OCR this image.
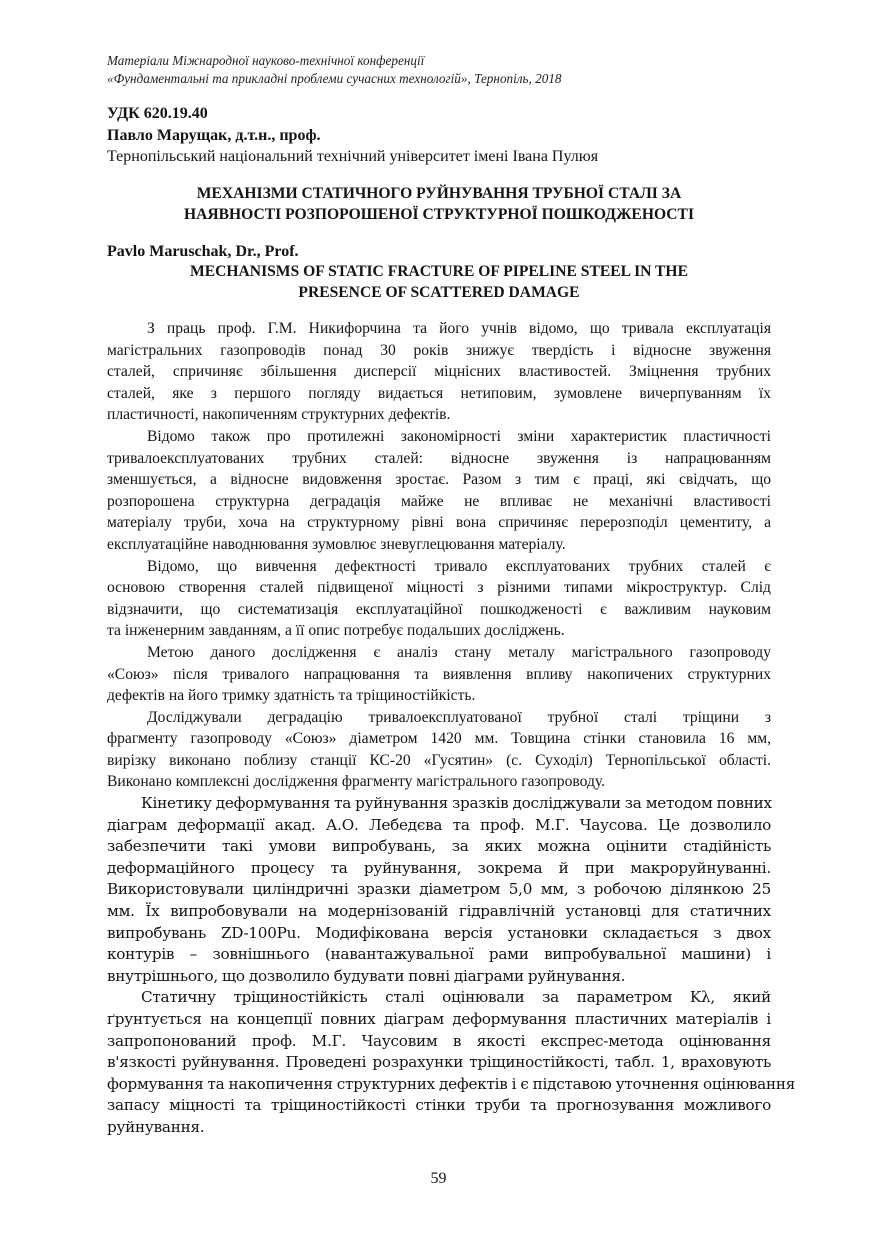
Матеріали Міжнародної науково-технічної конференції
«Фундаментальні та прикладні проблеми сучасних технологій», Тернопіль, 2018
УДК 620.19.40
Павло Марущак, д.т.н., проф.
Тернопільський національний технічний університет імені Івана Пулюя
МЕХАНІЗМИ СТАТИЧНОГО РУЙНУВАННЯ ТРУБНОЇ СТАЛІ ЗА
НАЯВНОСТІ РОЗПОРОШЕНОЇ СТРУКТУРНОЇ ПОШКОДЖЕНОСТІ
Pavlo Maruschak, Dr., Prof.
MECHANISMS OF STATIC FRACTURE OF PIPELINE STEEL IN THE
PRESENCE OF SCATTERED DAMAGE
З праць проф. Г.М. Никифорчина та його учнів відомо, що тривала експлуатація
магістральних газопроводів понад 30 років знижує твердість і відносне звуження
сталей, спричиняє збільшення дисперсії міцнісних властивостей. Зміцнення трубних
сталей, яке з першого погляду видається нетиповим, зумовлене вичерпуванням їх
пластичності, накопиченням структурних дефектів.
Відомо також про протилежні закономірності зміни характеристик пластичності
тривалоексплуатованих трубних сталей: відносне звуження із напрацюванням
зменшується, а відносне видовження зростає. Разом з тим є праці, які свідчать, що
розпорошена структурна деградація майже не впливає не механічні властивості
матеріалу труби, хоча на структурному рівні вона спричиняє перерозподіл цементиту, а
експлуатаційне наводнювання зумовлює зневуглецювання матеріалу.
Відомо, що вивчення дефектності тривало експлуатованих трубних сталей є
основою створення сталей підвищеної міцності з різними типами мікроструктур. Слід
відзначити, що систематизація експлуатаційної пошкодженості є важливим науковим
та інженерним завданням, а її опис потребує подальших досліджень.
Метою даного дослідження є аналіз стану металу магістрального газопроводу
«Союз» після тривалого напрацювання та виявлення впливу накопичених структурних
дефектів на його тримку здатність та тріщиностійкість.
Досліджували деградацію тривалоексплуатованої трубної сталі тріщини з
фрагменту газопроводу «Союз» діаметром 1420 мм. Товщина стінки становила 16 мм,
вирізку виконано поблизу станції КС-20 «Гусятин» (с. Суходіл) Тернопільської області.
Виконано комплексні дослідження фрагменту магістрального газопроводу.
Кінетику деформування та руйнування зразків досліджували за методом повних
діаграм деформації акад. А.О. Лебедєва та проф. М.Г. Чаусова. Це дозволило
забезпечити такі умови випробувань, за яких можна оцінити стадійність
деформаційного процесу та руйнування, зокрема й при макроруйнуванні.
Використовували циліндричні зразки діаметром 5,0 мм, з робочою ділянкою 25
мм. Їх випробовували на модернізованій гідравлічній установці для статичних
випробувань ZD-100Pu. Модифікована версія установки складається з двох
контурів – зовнішнього (навантажувальної рами випробувальної машини) і
внутрішнього, що дозволило будувати повні діаграми руйнування.
Статичну тріщиностійкість сталі оцінювали за параметром Kλ, який
ґрунтується на концепції повних діаграм деформування пластичних матеріалів і
запропонований проф. М.Г. Чаусовим в якості експрес-метода оцінювання
в'язкості руйнування. Проведені розрахунки тріщиностійкості, табл. 1, враховують
формування та накопичення структурних дефектів і є підставою уточнення оцінювання
запасу міцності та тріщиностійкості стінки труби та прогнозування можливого
руйнування.
59
